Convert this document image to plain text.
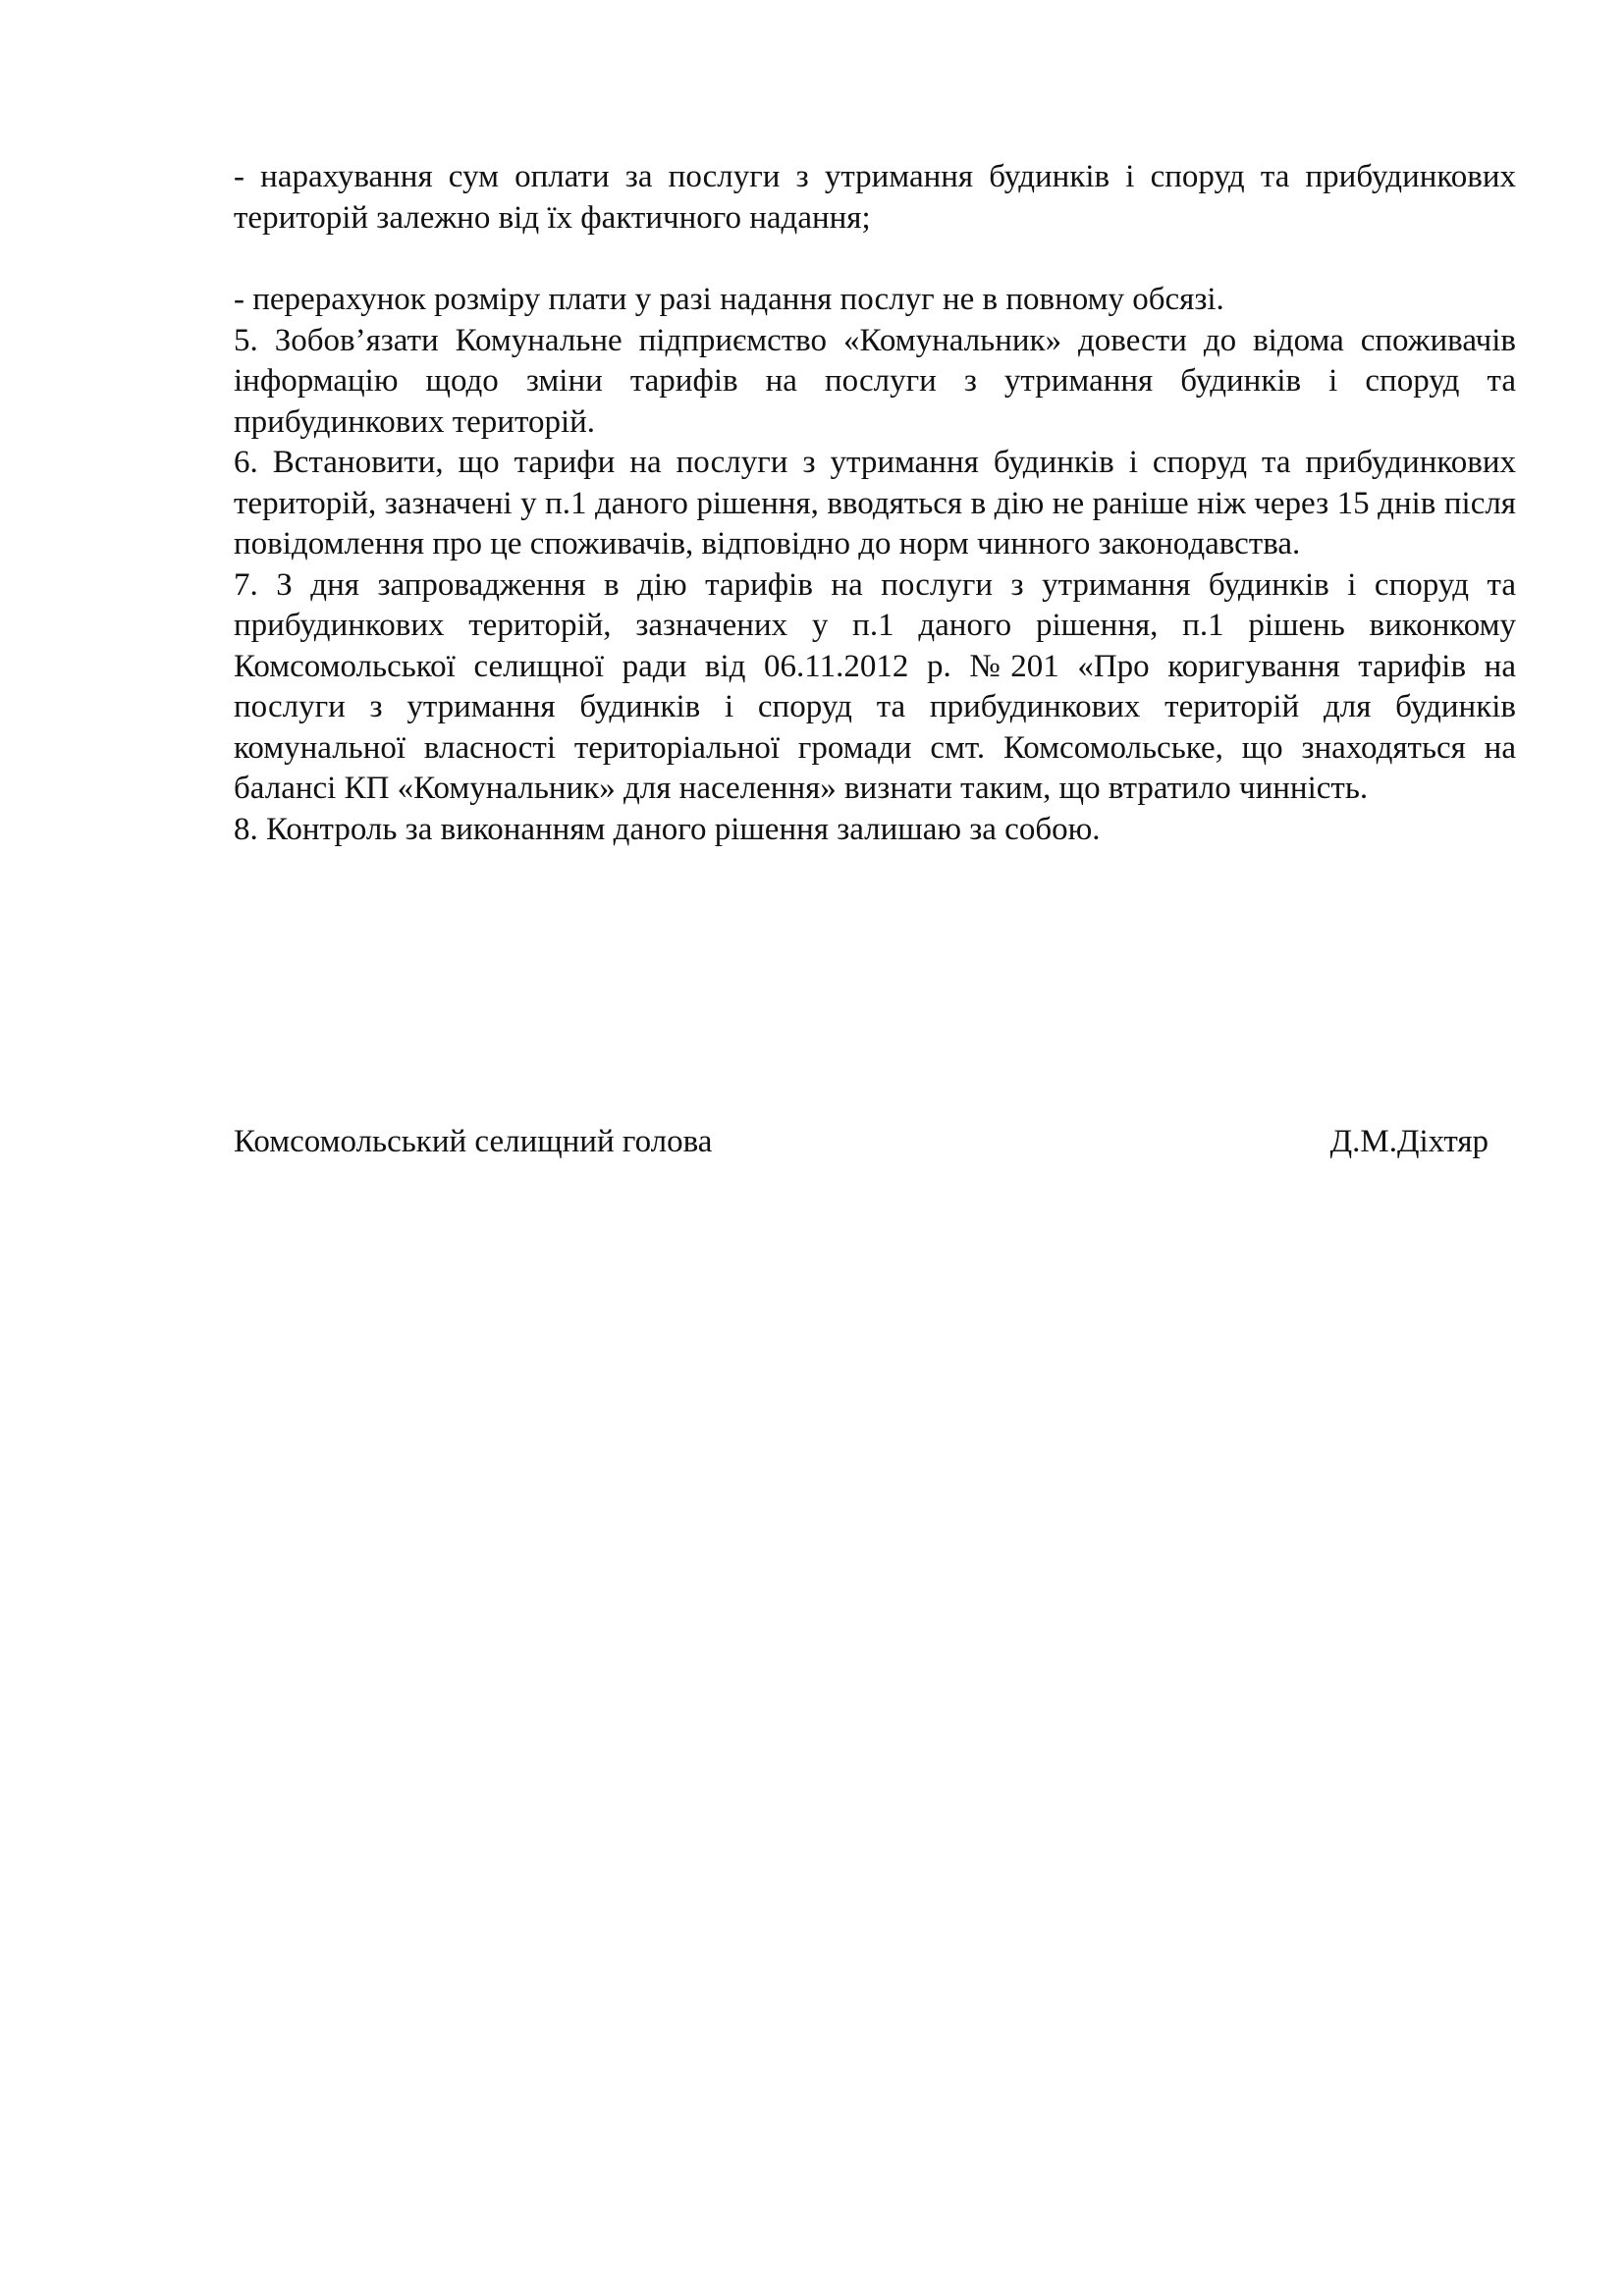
- нарахування сум оплати за послуги з утримання будинків і споруд та прибудинкових територій залежно від їх фактичного надання;

- перерахунок розміру плати у разі надання послуг не в повному обсязі.

5. Зобов’язати Комунальне підприємство «Комунальник» довести до відома споживачів інформацію щодо зміни тарифів на послуги з утримання будинків і споруд та прибудинкових територій.

6. Встановити, що тарифи на послуги з утримання будинків і споруд та прибудинкових територій, зазначені у п.1 даного рішення, вводяться в дію не раніше ніж через 15 днів після повідомлення про це споживачів, відповідно до норм чинного законодавства.

7. З дня запровадження в дію тарифів на послуги з утримання будинків і споруд та прибудинкових територій, зазначених у п.1 даного рішення, п.1 рішень виконкому Комсомольської селищної ради від 06.11.2012 р. №201 «Про коригування тарифів на послуги з утримання будинків і споруд та прибудинкових територій для будинків комунальної власності територіальної громади смт. Комсомольське, що знаходяться на балансі КП «Комунальник» для населення» визнати таким, що втратило чинність.

8. Контроль за виконанням даного рішення залишаю за собою.

Комсомольський селищний голова	Д.М.Діхтяр
